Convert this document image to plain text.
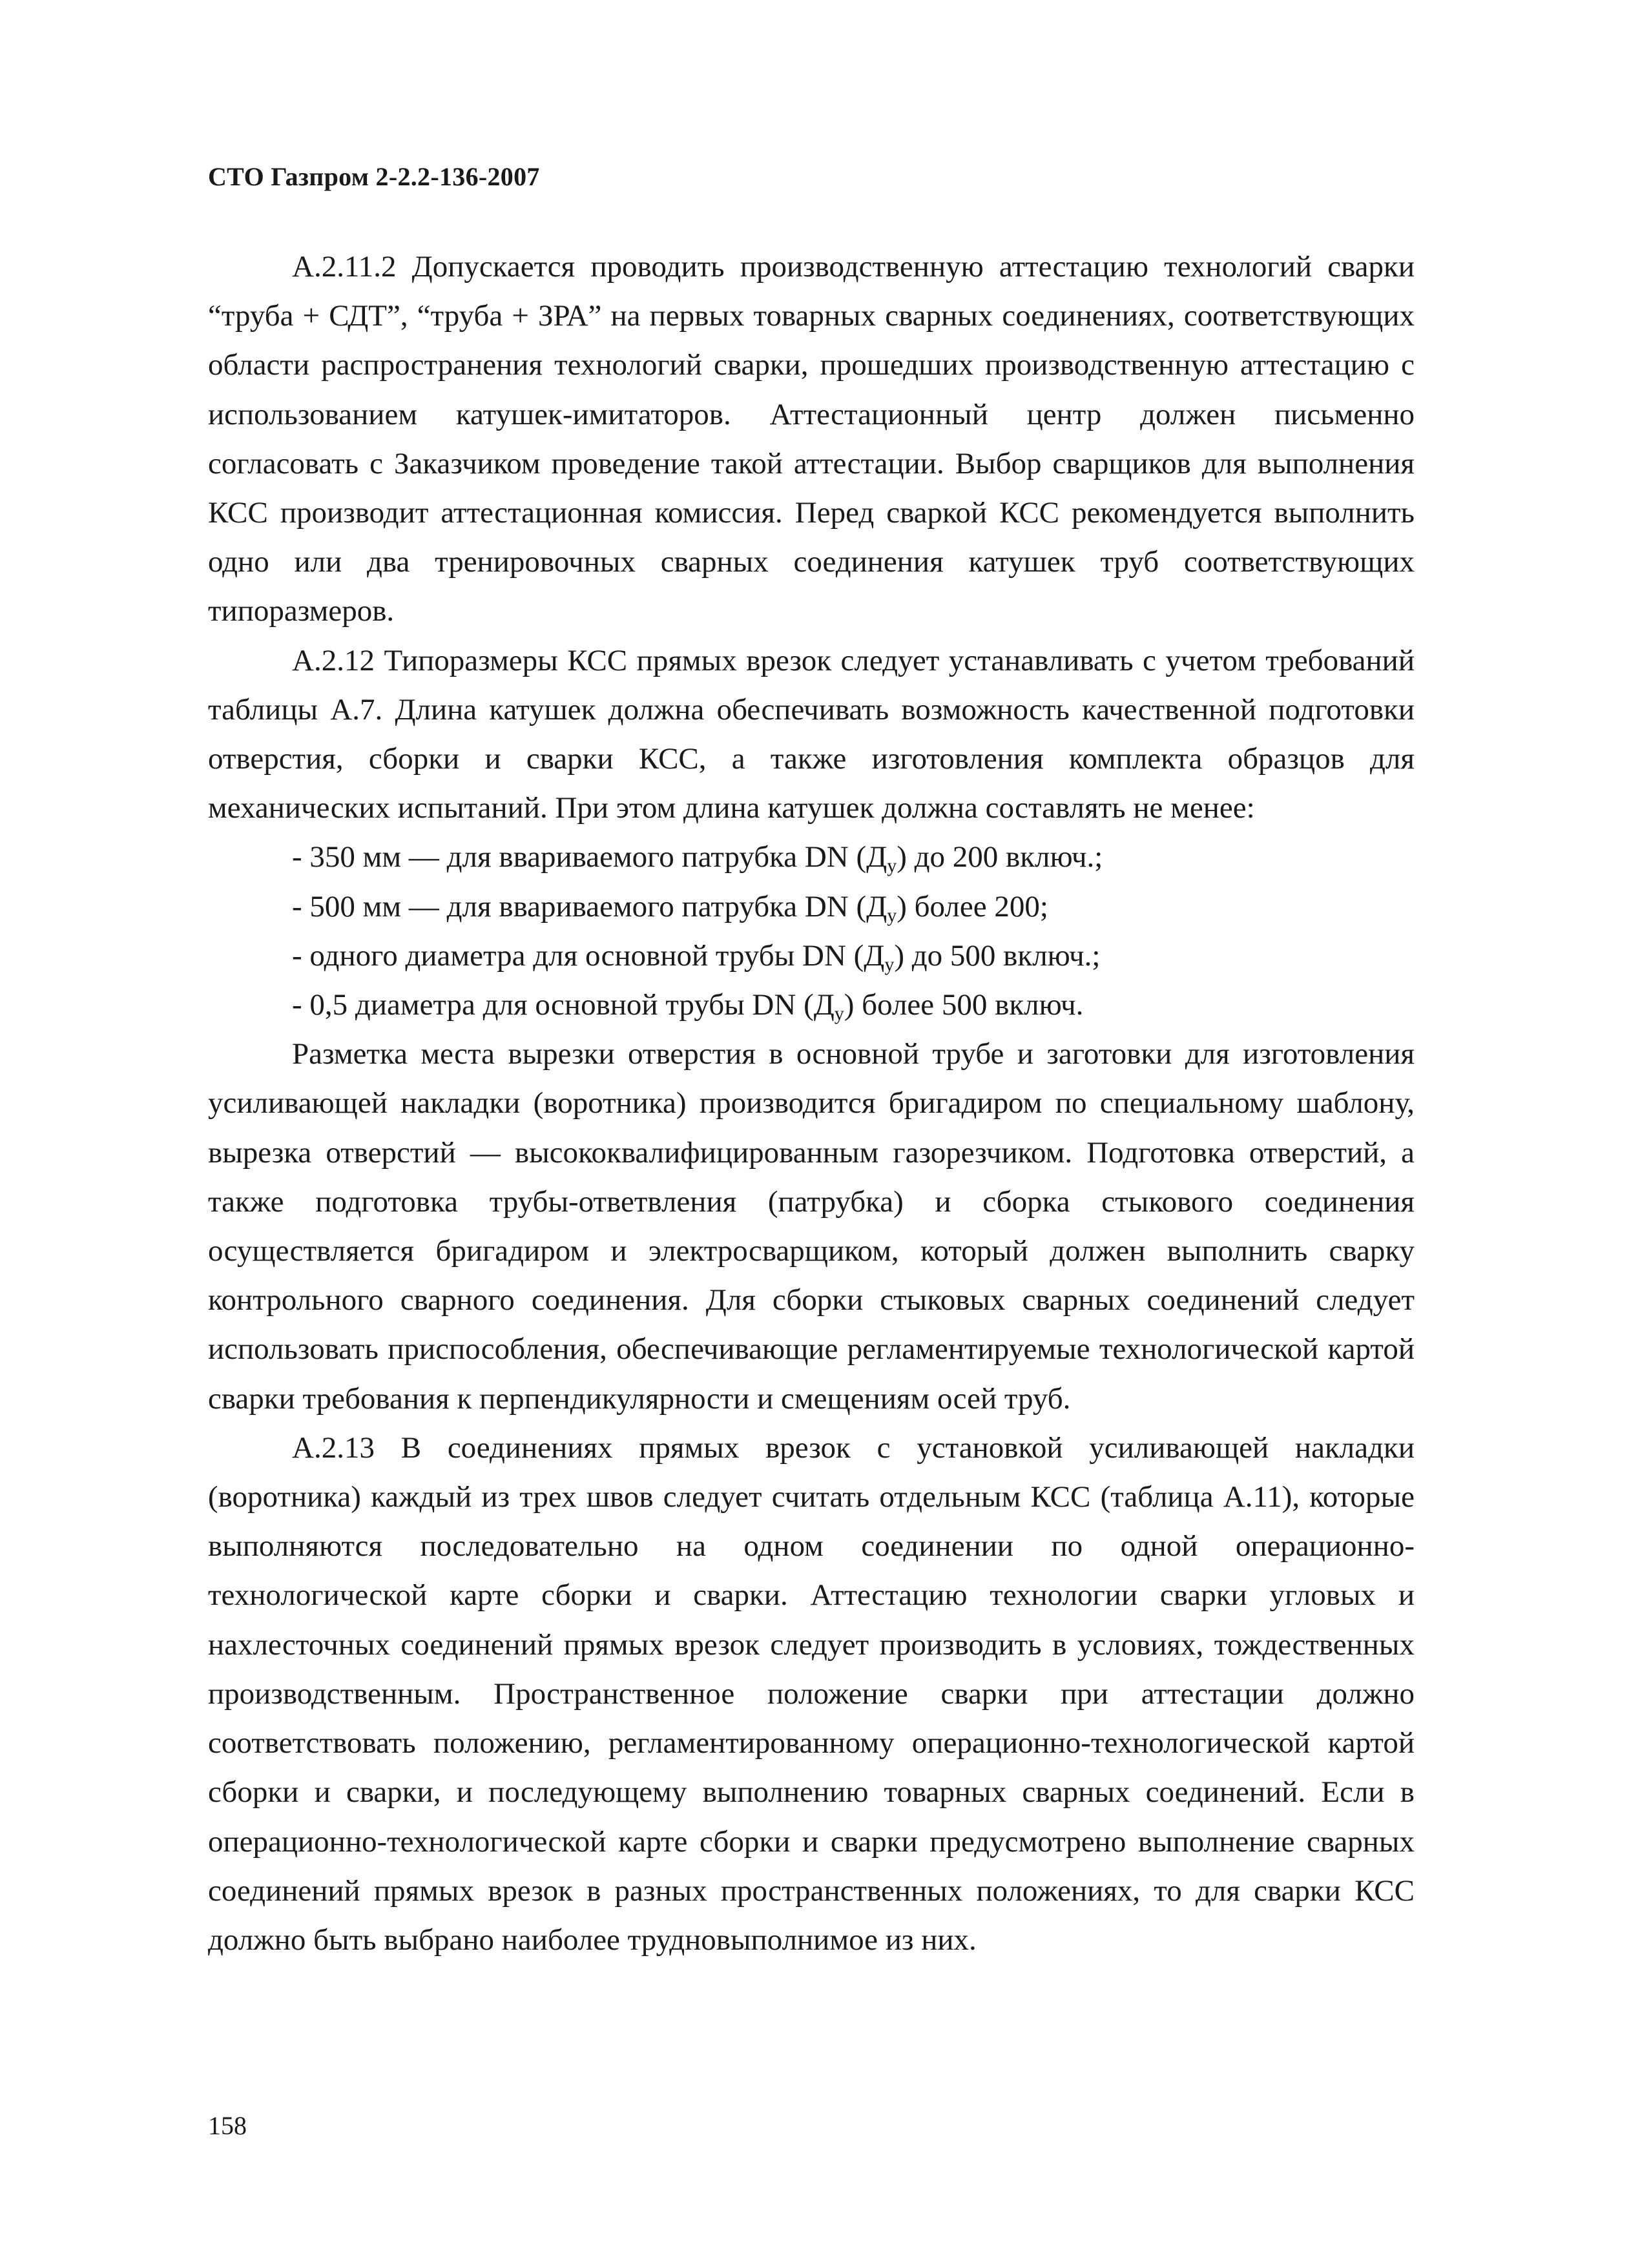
СТО Газпром 2-2.2-136-2007

А.2.11.2 Допускается проводить производственную аттестацию технологий сварки “труба + СДТ”, “труба + ЗРА” на первых товарных сварных соединениях, соответствующих области распространения технологий сварки, прошедших производственную аттестацию с использованием катушек-имитаторов. Аттестационный центр должен письменно согласовать с Заказчиком проведение такой аттестации. Выбор сварщиков для выполнения КСС производит аттестационная комиссия. Перед сваркой КСС рекомендуется выполнить одно или два тренировочных сварных соединения катушек труб соответствующих типоразмеров.

А.2.12 Типоразмеры КСС прямых врезок следует устанавливать с учетом требований таблицы А.7. Длина катушек должна обеспечивать возможность качественной подготовки отверстия, сборки и сварки КСС, а также изготовления комплекта образцов для механических испытаний. При этом длина катушек должна составлять не менее:

- 350 мм — для ввариваемого патрубка DN $(Д_у)$ до 200 включ.;

- 500 мм — для ввариваемого патрубка DN $(Д_у)$ более 200;

- одного диаметра для основной трубы DN $(Д_у)$ до 500 включ.;

- 0,5 диаметра для основной трубы DN $(Д_у)$ более 500 включ.

Разметка места вырезки отверстия в основной трубе и заготовки для изготовления усиливающей накладки (воротника) производится бригадиром по специальному шаблону, вырезка отверстий — высококвалифицированным газорезчиком. Подготовка отверстий, а также подготовка трубы-ответвления (патрубка) и сборка стыкового соединения осуществляется бригадиром и электросварщиком, который должен выполнить сварку контрольного сварного соединения. Для сборки стыковых сварных соединений следует использовать приспособления, обеспечивающие регламентируемые технологической картой сварки требования к перпендикулярности и смещениям осей труб.

А.2.13 В соединениях прямых врезок с установкой усиливающей накладки (воротника) каждый из трех швов следует считать отдельным КСС (таблица А.11), которые выполняются последовательно на одном соединении по одной операционно-технологической карте сборки и сварки. Аттестацию технологии сварки угловых и нахлесточных соединений прямых врезок следует производить в условиях, тождественных производственным. Пространственное положение сварки при аттестации должно соответствовать положению, регламентированному операционно-технологической картой сборки и сварки, и последующему выполнению товарных сварных соединений. Если в операционно-технологической карте сборки и сварки предусмотрено выполнение сварных соединений прямых врезок в разных пространственных положениях, то для сварки КСС должно быть выбрано наиболее трудновыполнимое из них.

158
